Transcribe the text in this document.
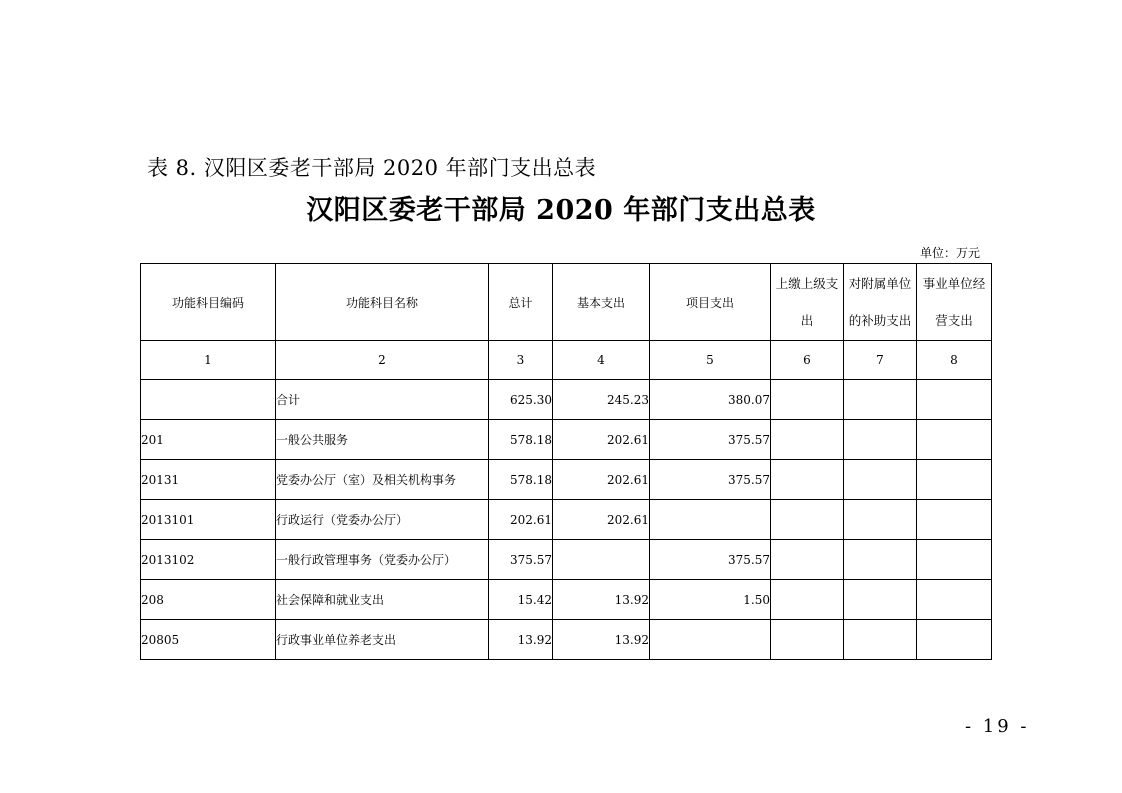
表 8. 汉阳区委老干部局 2020 年部门支出总表
汉阳区委老干部局 2020 年部门支出总表
单位：万元
功能科目编码	功能科目名称	总计	基本支出	项目支出	上缴上级支出	对附属单位的补助支出	事业单位经营支出
1	2	3	4	5	6	7	8
	合计	625.30	245.23	380.07			
201	一般公共服务	578.18	202.61	375.57			
20131	党委办公厅（室）及相关机构事务	578.18	202.61	375.57			
2013101	行政运行（党委办公厅）	202.61	202.61				
2013102	一般行政管理事务（党委办公厅）	375.57		375.57			
208	社会保障和就业支出	15.42	13.92	1.50			
20805	行政事业单位养老支出	13.92	13.92				
- 19 -
